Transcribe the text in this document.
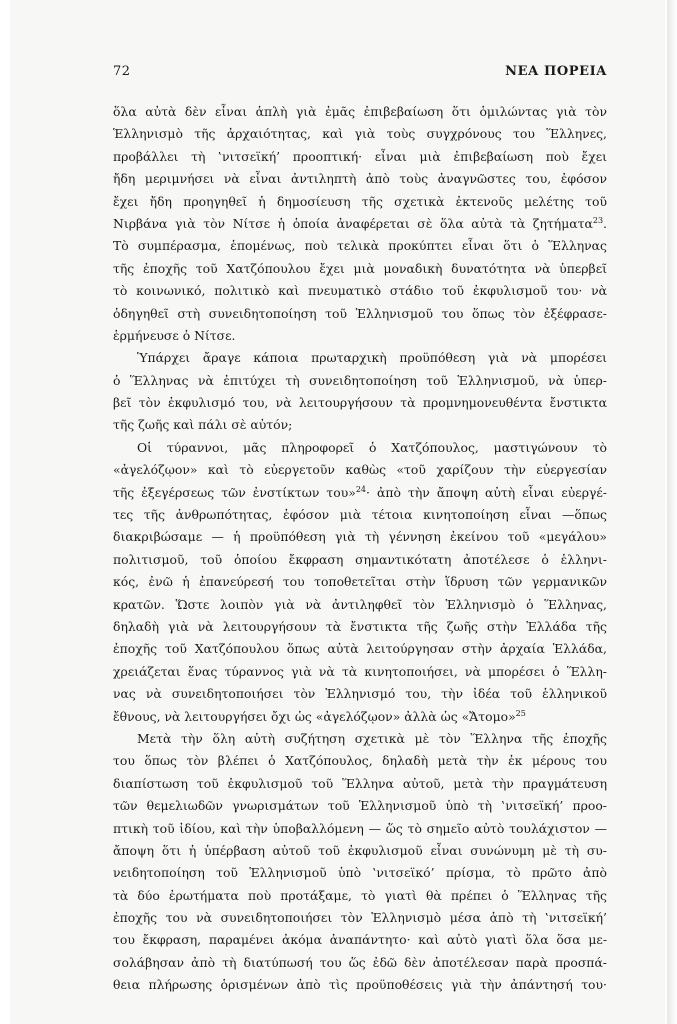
72	ΝΕΑ ΠΟΡΕΙΑ
ὅλα αὐτὰ δὲν εἶναι ἁπλὴ γιὰ ἐμᾶς ἐπιβεβαίωση ὅτι ὁμιλώντας γιὰ τὸν
Ἑλληνισμὸ τῆς ἀρχαιότητας, καὶ γιὰ τοὺς συγχρόνους του Ἕλληνες,
προβάλλει τὴ ‛νιτσεϊκή’ προοπτική· εἶναι μιὰ ἐπιβεβαίωση ποὺ ἔχει
ἤδη μεριμνήσει νὰ εἶναι ἀντιληπτὴ ἀπὸ τοὺς ἀναγνῶστες του, ἐφόσον
ἔχει ἤδη προηγηθεῖ ἡ δημοσίευση τῆς σχετικὰ ἐκτενοῦς μελέτης τοῦ
Νιρβάνα γιὰ τὸν Νίτσε ἡ ὁποία ἀναφέρεται σὲ ὅλα αὐτὰ τὰ ζητήματα$^{23}$.
Τὸ συμπέρασμα, ἑπομένως, ποὺ τελικὰ προκύπτει εἶναι ὅτι ὁ Ἕλληνας
τῆς ἐποχῆς τοῦ Χατζόπουλου ἔχει μιὰ μοναδικὴ δυνατότητα νὰ ὑπερβεῖ
τὸ κοινωνικό, πολιτικὸ καὶ πνευματικὸ στάδιο τοῦ ἐκφυλισμοῦ του· νὰ
ὁδηγηθεῖ στὴ συνειδητοποίηση τοῦ Ἑλληνισμοῦ του ὅπως τὸν ἐξέφρασε-
ἑρμήνευσε ὁ Νίτσε.
Ὑπάρχει ἄραγε κάποια πρωταρχικὴ προϋπόθεση γιὰ νὰ μπορέσει
ὁ Ἕλληνας νὰ ἐπιτύχει τὴ συνειδητοποίηση τοῦ Ἑλληνισμοῦ, νὰ ὑπερ-
βεῖ τὸν ἐκφυλισμό του, νὰ λειτουργήσουν τὰ προμνημονευθέντα ἔνστικτα
τῆς ζωῆς καὶ πάλι σὲ αὐτόν;
Οἱ τύραννοι, μᾶς πληροφορεῖ ὁ Χατζόπουλος, μαστιγώνουν τὸ
«ἀγελόζῳον» καὶ τὸ εὐεργετοῦν καθὼς «τοῦ χαρίζουν τὴν εὐεργεσίαν
τῆς ἐξεγέρσεως τῶν ἐνστίκτων του»$^{24}$· ἀπὸ τὴν ἄποψη αὐτὴ εἶναι εὐεργέ-
τες τῆς ἀνθρωπότητας, ἐφόσον μιὰ τέτοια κινητοποίηση εἶναι —ὅπως
διακριβώσαμε — ἡ προϋπόθεση γιὰ τὴ γέννηση ἐκείνου τοῦ «μεγάλου»
πολιτισμοῦ, τοῦ ὁποίου ἔκφραση σημαντικότατη ἀποτέλεσε ὁ ἑλληνι-
κός, ἐνῶ ἡ ἐπανεύρεσή του τοποθετεῖται στὴν ἵδρυση τῶν γερμανικῶν
κρατῶν. Ὥστε λοιπὸν γιὰ νὰ ἀντιληφθεῖ τὸν Ἑλληνισμὸ ὁ Ἕλληνας,
δηλαδὴ γιὰ νὰ λειτουργήσουν τὰ ἔνστικτα τῆς ζωῆς στὴν Ἑλλάδα τῆς
ἐποχῆς τοῦ Χατζόπουλου ὅπως αὐτὰ λειτούργησαν στὴν ἀρχαία Ἑλλάδα,
χρειάζεται ἕνας τύραννος γιὰ νὰ τὰ κινητοποιήσει, νὰ μπορέσει ὁ Ἕλλη-
νας νὰ συνειδητοποιήσει τὸν Ἑλληνισμό του, τὴν ἰδέα τοῦ ἑλληνικοῦ
ἔθνους, νὰ λειτουργήσει ὄχι ὡς «ἀγελόζῳον» ἀλλὰ ὡς «Ἄτομο»$^{25}$
Μετὰ τὴν ὅλη αὐτὴ συζήτηση σχετικὰ μὲ τὸν Ἕλληνα τῆς ἐποχῆς
του ὅπως τὸν βλέπει ὁ Χατζόπουλος, δηλαδὴ μετὰ τὴν ἐκ μέρους του
διαπίστωση τοῦ ἐκφυλισμοῦ τοῦ Ἕλληνα αὐτοῦ, μετὰ τὴν πραγμάτευση
τῶν θεμελιωδῶν γνωρισμάτων τοῦ Ἑλληνισμοῦ ὑπὸ τὴ ‛νιτσεϊκή’ προο-
πτικὴ τοῦ ἰδίου, καὶ τὴν ὑποβαλλόμενη — ὥς τὸ σημεῖο αὐτὸ τουλάχιστον —
ἄποψη ὅτι ἡ ὑπέρβαση αὐτοῦ τοῦ ἐκφυλισμοῦ εἶναι συνώνυμη μὲ τὴ συ-
νειδητοποίηση τοῦ Ἑλληνισμοῦ ὑπὸ ‛νιτσεϊκό’ πρίσμα, τὸ πρῶτο ἀπὸ
τὰ δύο ἐρωτήματα ποὺ προτάξαμε, τὸ γιατὶ θὰ πρέπει ὁ Ἕλληνας τῆς
ἐποχῆς του νὰ συνειδητοποιήσει τὸν Ἑλληνισμὸ μέσα ἀπὸ τὴ ‛νιτσεϊκή’
του ἔκφραση, παραμένει ἀκόμα ἀναπάντητο· καὶ αὐτὸ γιατὶ ὅλα ὅσα με-
σολάβησαν ἀπὸ τὴ διατύπωσή του ὥς ἐδῶ δὲν ἀποτέλεσαν παρὰ προσπά-
θεια πλήρωσης ὁρισμένων ἀπὸ τὶς προϋποθέσεις γιὰ τὴν ἀπάντησή του·
